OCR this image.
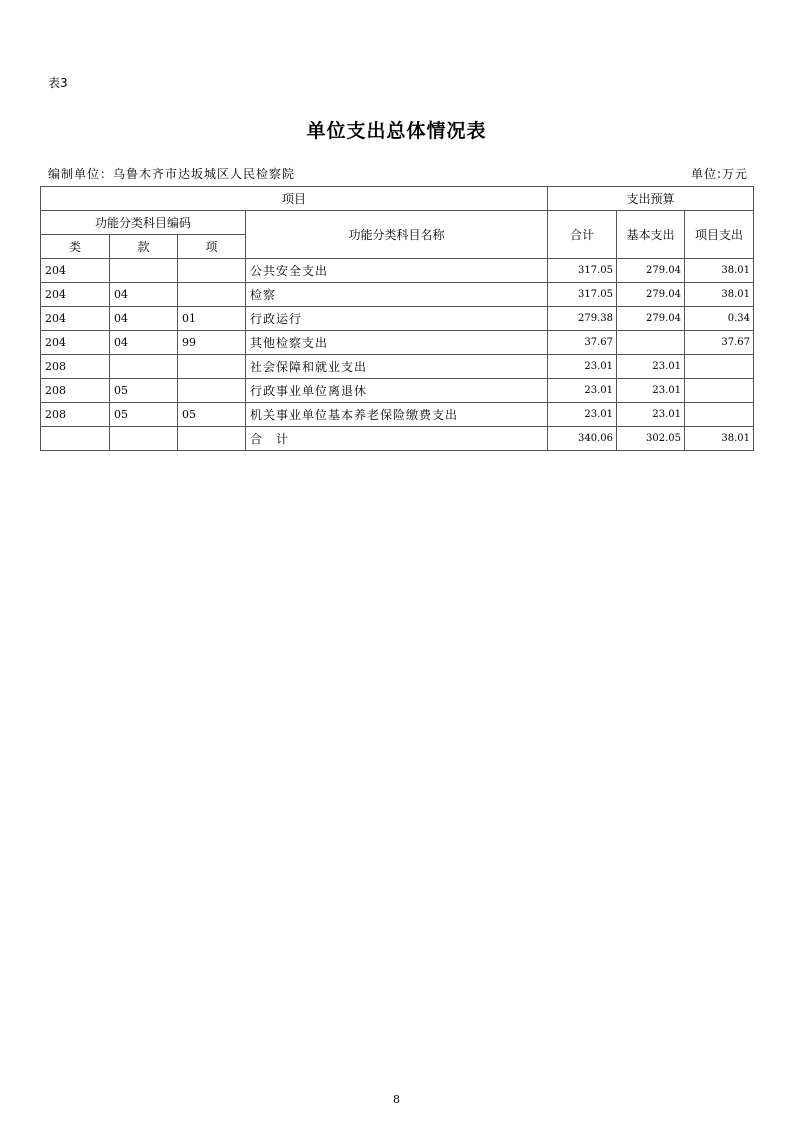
表3
单位支出总体情况表
编制单位：乌鲁木齐市达坂城区人民检察院	单位:万元
项目				支出预算		
功能分类科目编码			功能分类科目名称	合计	基本支出	项目支出
类	款	项				
204			公共安全支出	317.05	279.04	38.01
204	04		检察	317.05	279.04	38.01
204	04	01	行政运行	279.38	279.04	0.34
204	04	99	其他检察支出	37.67		37.67
208			社会保障和就业支出	23.01	23.01	
208	05		行政事业单位离退休	23.01	23.01	
208	05	05	机关事业单位基本养老保险缴费支出	23.01	23.01	
			合　计	340.06	302.05	38.01
8
